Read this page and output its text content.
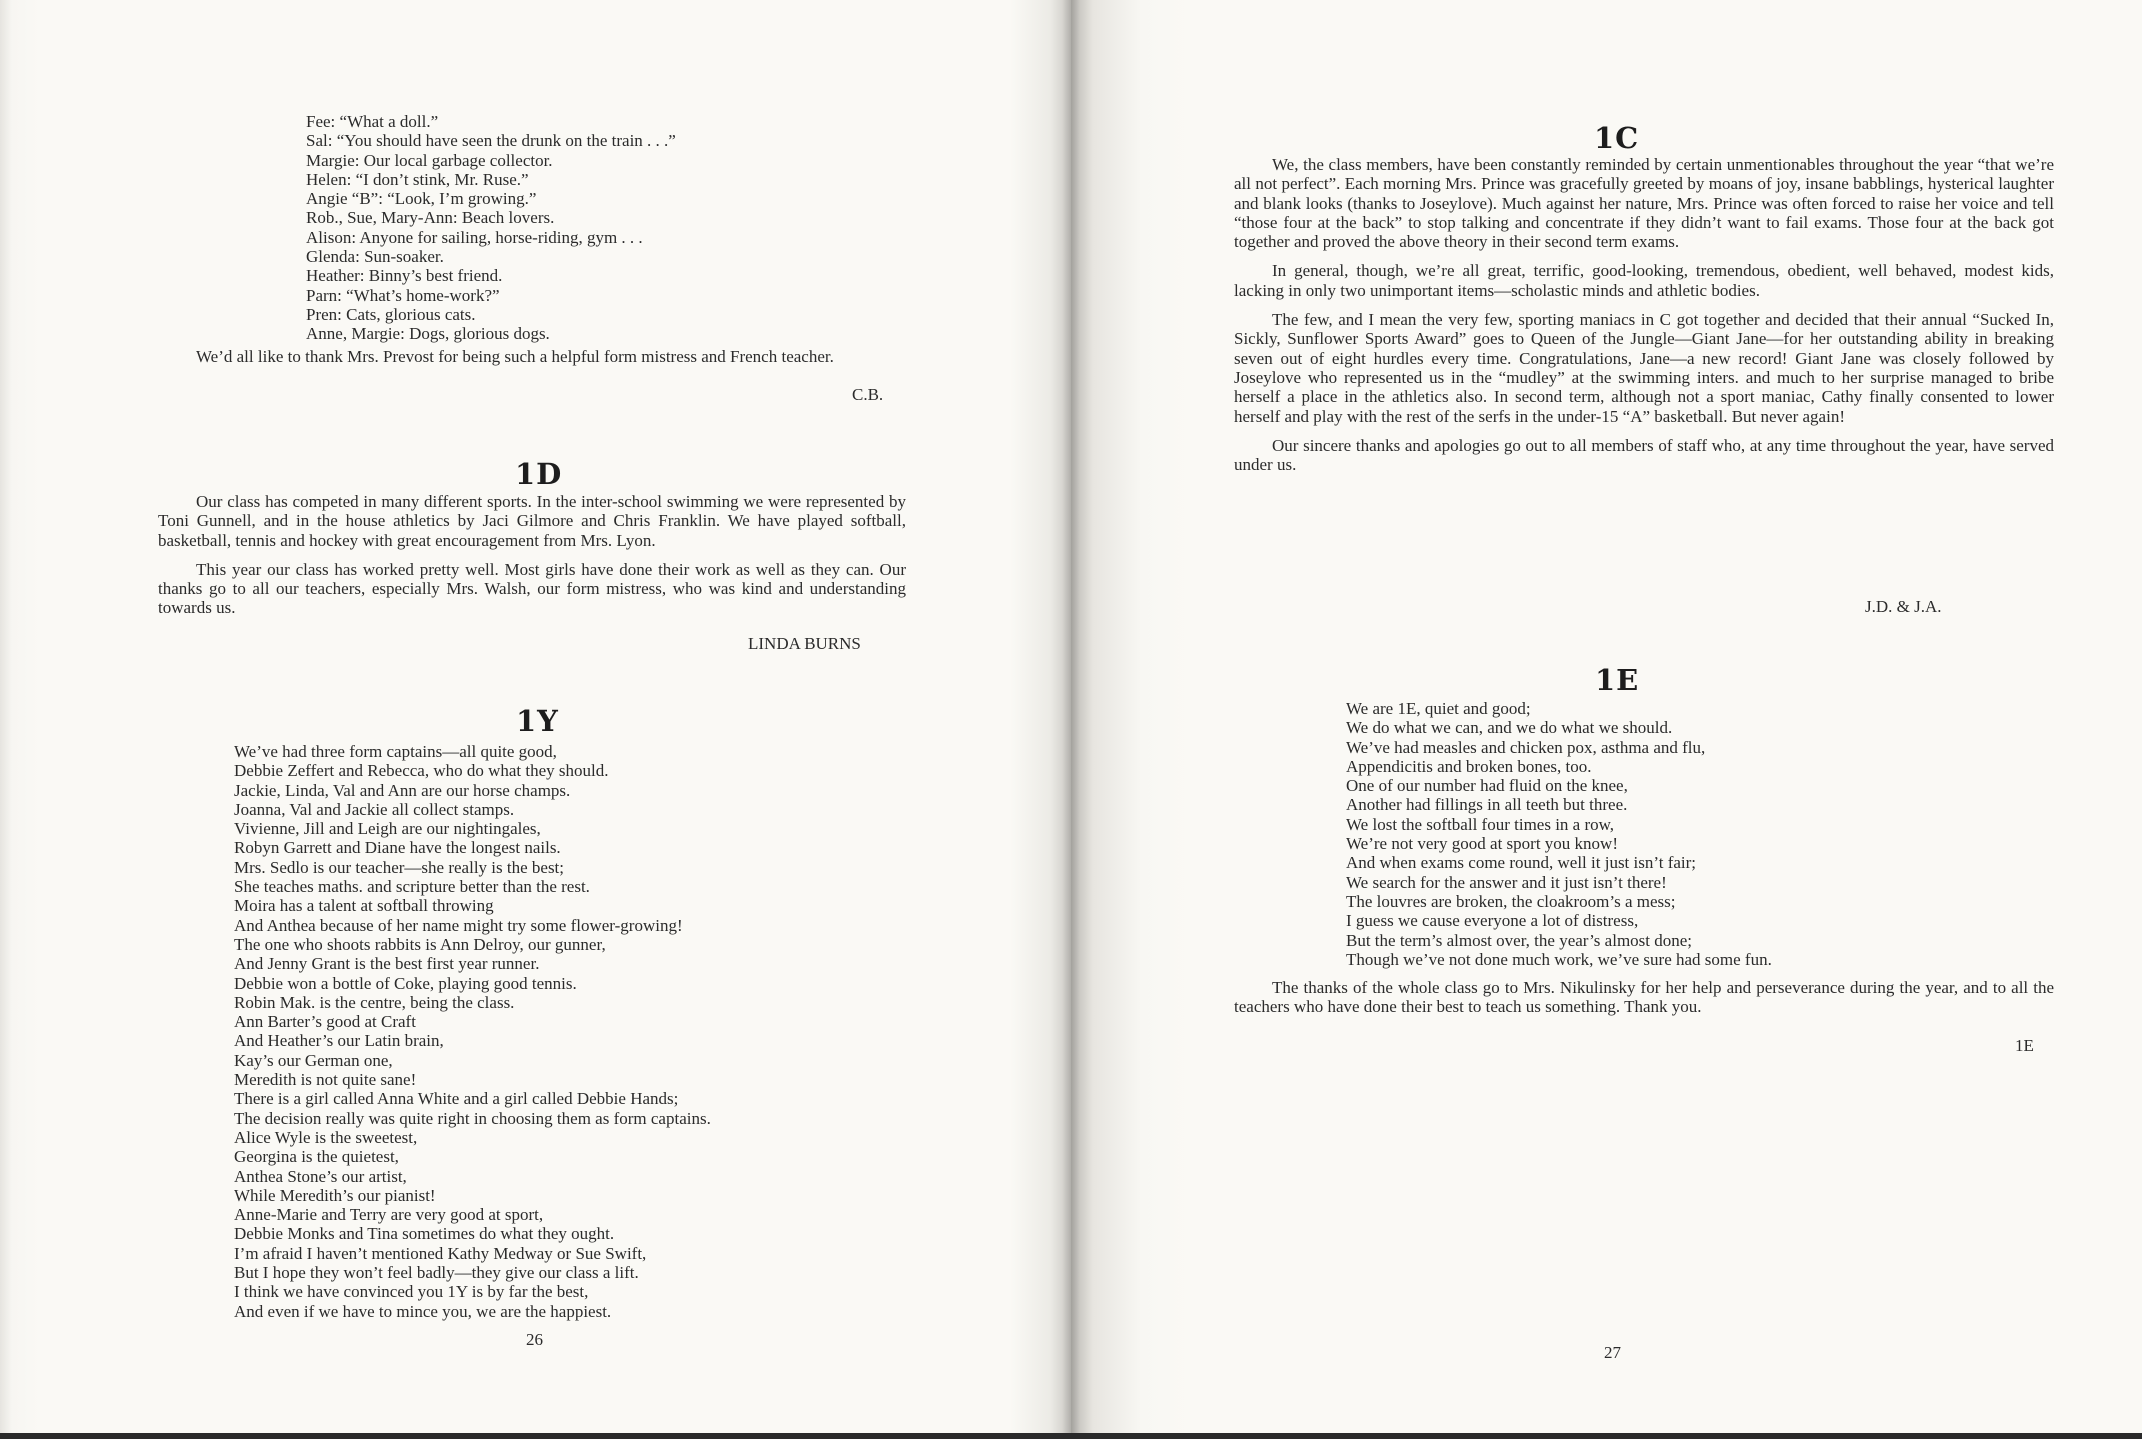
Fee: “What a doll.”
Sal: “You should have seen the drunk on the train . . .”
Margie: Our local garbage collector.
Helen: “I don’t stink, Mr. Ruse.”
Angie “B”: “Look, I’m growing.”
Rob., Sue, Mary-Ann: Beach lovers.
Alison: Anyone for sailing, horse-riding, gym . . .
Glenda: Sun-soaker.
Heather: Binny’s best friend.
Parn: “What’s home-work?”
Pren: Cats, glorious cats.
Anne, Margie: Dogs, glorious dogs.

We’d all like to thank Mrs. Prevost for being such a helpful form mistress and French teacher.

C.B.
1D

Our class has competed in many different sports. In the inter-school swimming we were represented by Toni Gunnell, and in the house athletics by Jaci Gilmore and Chris Franklin. We have played softball, basketball, tennis and hockey with great encouragement from Mrs. Lyon.

This year our class has worked pretty well. Most girls have done their work as well as they can. Our thanks go to all our teachers, especially Mrs. Walsh, our form mistress, who was kind and understanding towards us.

LINDA BURNS
1Y
We’ve had three form captains—all quite good,
Debbie Zeffert and Rebecca, who do what they should.
Jackie, Linda, Val and Ann are our horse champs.
Joanna, Val and Jackie all collect stamps.
Vivienne, Jill and Leigh are our nightingales,
Robyn Garrett and Diane have the longest nails.
Mrs. Sedlo is our teacher—she really is the best;
She teaches maths. and scripture better than the rest.
Moira has a talent at softball throwing
And Anthea because of her name might try some flower-growing!
The one who shoots rabbits is Ann Delroy, our gunner,
And Jenny Grant is the best first year runner.
Debbie won a bottle of Coke, playing good tennis.
Robin Mak. is the centre, being the class.
Ann Barter’s good at Craft
And Heather’s our Latin brain,
Kay’s our German one,
Meredith is not quite sane!
There is a girl called Anna White and a girl called Debbie Hands;
The decision really was quite right in choosing them as form captains.
Alice Wyle is the sweetest,
Georgina is the quietest,
Anthea Stone’s our artist,
While Meredith’s our pianist!
Anne-Marie and Terry are very good at sport,
Debbie Monks and Tina sometimes do what they ought.
I’m afraid I haven’t mentioned Kathy Medway or Sue Swift,
But I hope they won’t feel badly—they give our class a lift.
I think we have convinced you 1Y is by far the best,
And even if we have to mince you, we are the happiest.
26
1C

We, the class members, have been constantly reminded by certain unmentionables throughout the year “that we’re all not perfect”. Each morning Mrs. Prince was gracefully greeted by moans of joy, insane babblings, hysterical laughter and blank looks (thanks to Joseylove). Much against her nature, Mrs. Prince was often forced to raise her voice and tell “those four at the back” to stop talking and concentrate if they didn’t want to fail exams. Those four at the back got together and proved the above theory in their second term exams.

In general, though, we’re all great, terrific, good-looking, tremendous, obedient, well behaved, modest kids, lacking in only two unimportant items—scholastic minds and athletic bodies.

The few, and I mean the very few, sporting maniacs in C got together and decided that their annual “Sucked In, Sickly, Sunflower Sports Award” goes to Queen of the Jungle—Giant Jane—for her outstanding ability in breaking seven out of eight hurdles every time. Congratulations, Jane—a new record! Giant Jane was closely followed by Joseylove who represented us in the “mudley” at the swimming inters. and much to her surprise managed to bribe herself a place in the athletics also. In second term, although not a sport maniac, Cathy finally consented to lower herself and play with the rest of the serfs in the under-15 “A” basketball. But never again!

Our sincere thanks and apologies go out to all members of staff who, at any time throughout the year, have served under us.

J.D. & J.A.
1E
We are 1E, quiet and good;
We do what we can, and we do what we should.
We’ve had measles and chicken pox, asthma and flu,
Appendicitis and broken bones, too.
One of our number had fluid on the knee,
Another had fillings in all teeth but three.
We lost the softball four times in a row,
We’re not very good at sport you know!
And when exams come round, well it just isn’t fair;
We search for the answer and it just isn’t there!
The louvres are broken, the cloakroom’s a mess;
I guess we cause everyone a lot of distress,
But the term’s almost over, the year’s almost done;
Though we’ve not done much work, we’ve sure had some fun.

The thanks of the whole class go to Mrs. Nikulinsky for her help and perseverance during the year, and to all the teachers who have done their best to teach us something. Thank you.

1E
27
